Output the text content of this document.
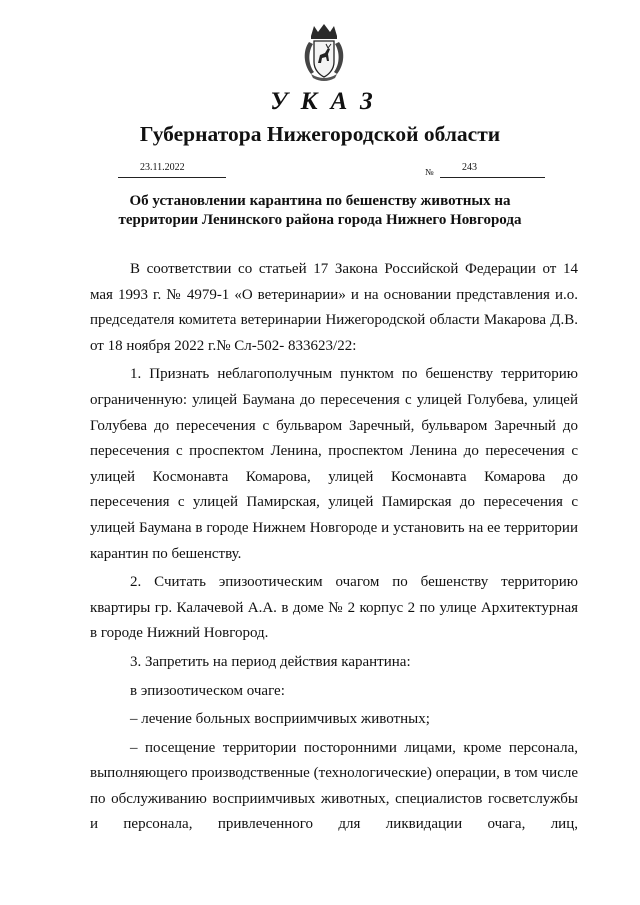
УКАЗ
Губернатора Нижегородской области
23.11.2022	№	243
Об установлении карантина по бешенству животных на
территории Ленинского района города Нижнего Новгорода

В соответствии со статьей 17 Закона Российской Федерации от 14 мая 1993 г. № 4979-1 «О ветеринарии» и на основании представления и.о. председателя комитета ветеринарии Нижегородской области Макарова Д.В. от 18 ноября 2022 г.№ Сл-502- 833623/22:

1. Признать неблагополучным пунктом по бешенству территорию ограниченную: улицей Баумана до пересечения с улицей Голубева, улицей Голубева до пересечения с бульваром Заречный, бульваром Заречный до пересечения с проспектом Ленина, проспектом Ленина до пересечения с улицей Космонавта Комарова, улицей Космонавта Комарова до пересечения с улицей Памирская, улицей Памирская до пересечения с улицей Баумана в городе Нижнем Новгороде и установить на ее территории карантин по бешенству.

2. Считать эпизоотическим очагом по бешенству территорию квартиры гр. Калачевой А.А. в доме № 2 корпус 2 по улице Архитектурная в городе Нижний Новгород.

3. Запретить на период действия карантина:

в эпизоотическом очаге:

– лечение больных восприимчивых животных;

– посещение территории посторонними лицами, кроме персонала, выполняющего производственные (технологические) операции, в том числе по обслуживанию восприимчивых животных, специалистов госветслужбы и персонала, привлеченного для ликвидации очага, лиц,
